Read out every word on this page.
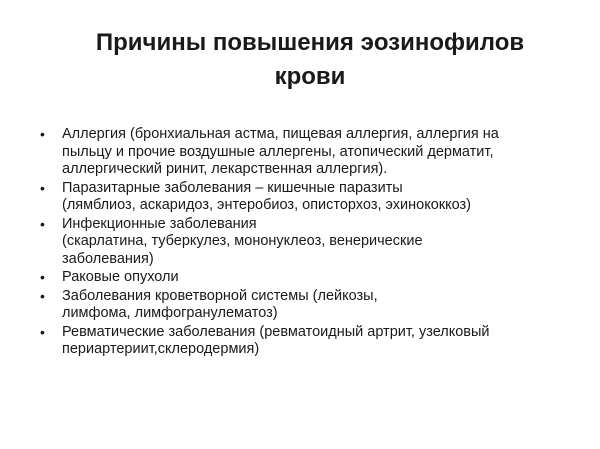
Причины повышения эозинофилов
крови
• Аллергия (бронхиальная астма, пищевая аллергия, аллергия на
пыльцу и прочие воздушные аллергены, атопический дерматит,
аллергический ринит, лекарственная аллергия).
• Паразитарные заболевания – кишечные паразиты
(лямблиоз, аскаридоз, энтеробиоз, описторхоз, эхинококкоз)
• Инфекционные заболевания
(скарлатина, туберкулез, мононуклеоз, венерические
заболевания)
• Раковые опухоли
• Заболевания кроветворной системы (лейкозы,
лимфома, лимфогранулематоз)
• Ревматические заболевания (ревматоидный артрит, узелковый
периартериит,склеродермия)
